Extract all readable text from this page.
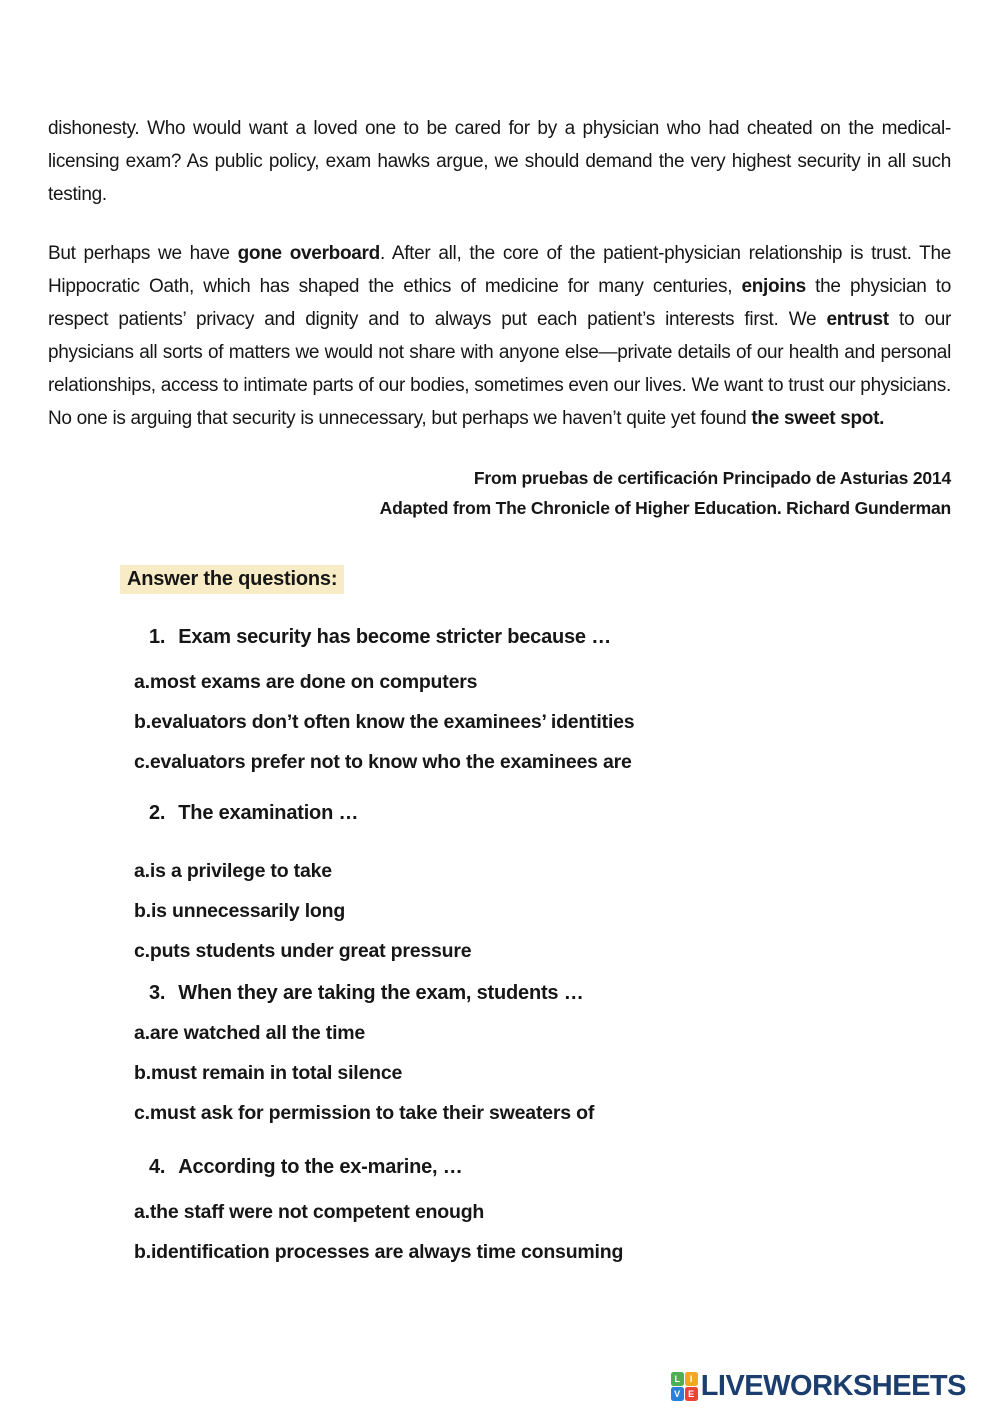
dishonesty. Who would want a loved one to be cared for by a physician who had cheated on the medical-licensing exam? As public policy, exam hawks argue, we should demand the very highest security in all such testing.

But perhaps we have gone overboard. After all, the core of the patient-physician relationship is trust. The Hippocratic Oath, which has shaped the ethics of medicine for many centuries, enjoins the physician to respect patients’ privacy and dignity and to always put each patient’s interests first. We entrust to our physicians all sorts of matters we would not share with anyone else—private details of our health and personal relationships, access to intimate parts of our bodies, sometimes even our lives. We want to trust our physicians. No one is arguing that security is unnecessary, but perhaps we haven’t quite yet found the sweet spot.

From pruebas de certificación Principado de Asturias 2014
Adapted from The Chronicle of Higher Education. Richard Gunderman
Answer the questions:
1. Exam security has become stricter because …
a.most exams are done on computers
b.evaluators don’t often know the examinees’ identities
c.evaluators prefer not to know who the examinees are
2. The examination …
a.is a privilege to take
b.is unnecessarily long
c.puts students under great pressure
3. When they are taking the exam, students …
a.are watched all the time
b.must remain in total silence
c.must ask for permission to take their sweaters of
4. According to the ex-marine, …
a.the staff were not competent enough
b.identification processes are always time consuming
L	I
V E LIVEWORKSHEETS
